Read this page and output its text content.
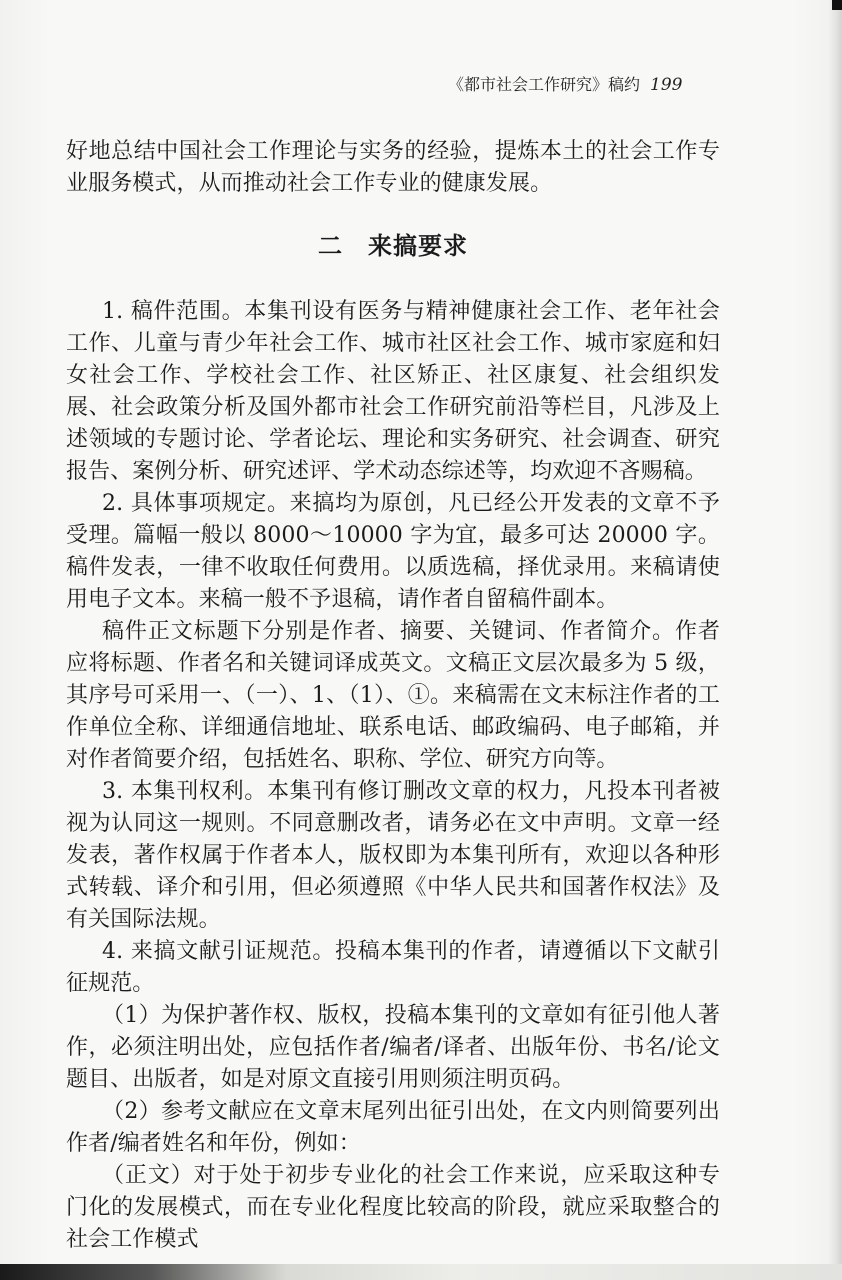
《都市社会工作研究》稿约 199

好地总结中国社会工作理论与实务的经验，提炼本土的社会工作专业服务模式，从而推动社会工作专业的健康发展。

二　来搞要求

1. 稿件范围。本集刊设有医务与精神健康社会工作、老年社会工作、儿童与青少年社会工作、城市社区社会工作、城市家庭和妇女社会工作、学校社会工作、社区矫正、社区康复、社会组织发展、社会政策分析及国外都市社会工作研究前沿等栏目，凡涉及上述领域的专题讨论、学者论坛、理论和实务研究、社会调查、研究报告、案例分析、研究述评、学术动态综述等，均欢迎不吝赐稿。

2. 具体事项规定。来搞均为原创，凡已经公开发表的文章不予受理。篇幅一般以 8000～10000 字为宜，最多可达 20000 字。稿件发表，一律不收取任何费用。以质选稿，择优录用。来稿请使用电子文本。来稿一般不予退稿，请作者自留稿件副本。

稿件正文标题下分别是作者、摘要、关键词、作者简介。作者应将标题、作者名和关键词译成英文。文稿正文层次最多为 5 级，其序号可采用一、（一）、1、（1）、①。来稿需在文末标注作者的工作单位全称、详细通信地址、联系电话、邮政编码、电子邮箱，并对作者简要介绍，包括姓名、职称、学位、研究方向等。

3. 本集刊权利。本集刊有修订删改文章的权力，凡投本刊者被视为认同这一规则。不同意删改者，请务必在文中声明。文章一经发表，著作权属于作者本人，版权即为本集刊所有，欢迎以各种形式转载、译介和引用，但必须遵照《中华人民共和国著作权法》及有关国际法规。

4. 来搞文献引证规范。投稿本集刊的作者，请遵循以下文献引征规范。

（1）为保护著作权、版权，投稿本集刊的文章如有征引他人著作，必须注明出处，应包括作者/编者/译者、出版年份、书名/论文题目、出版者，如是对原文直接引用则须注明页码。

（2）参考文献应在文章末尾列出征引出处，在文内则简要列出作者/编者姓名和年份，例如：

（正文）对于处于初步专业化的社会工作来说，应采取这种专门化的发展模式，而在专业化程度比较高的阶段，就应采取整合的社会工作模式
